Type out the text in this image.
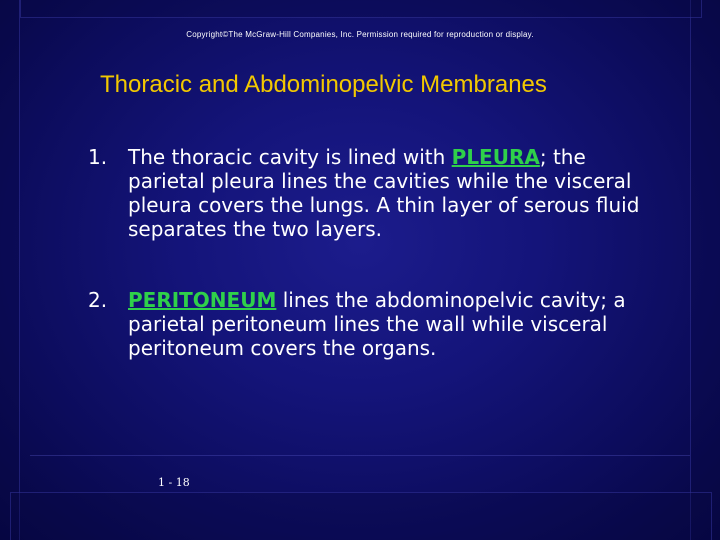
Copyright©The McGraw-Hill Companies, Inc. Permission required for reproduction or display.
Thoracic and Abdominopelvic Membranes
1.	The thoracic cavity is lined with PLEURA; the parietal pleura lines the cavities while the visceral pleura covers the lungs. A thin layer of serous fluid separates the two layers.
2.	PERITONEUM lines the abdominopelvic cavity; a parietal peritoneum lines the wall while visceral peritoneum covers the organs.
1 - 18
